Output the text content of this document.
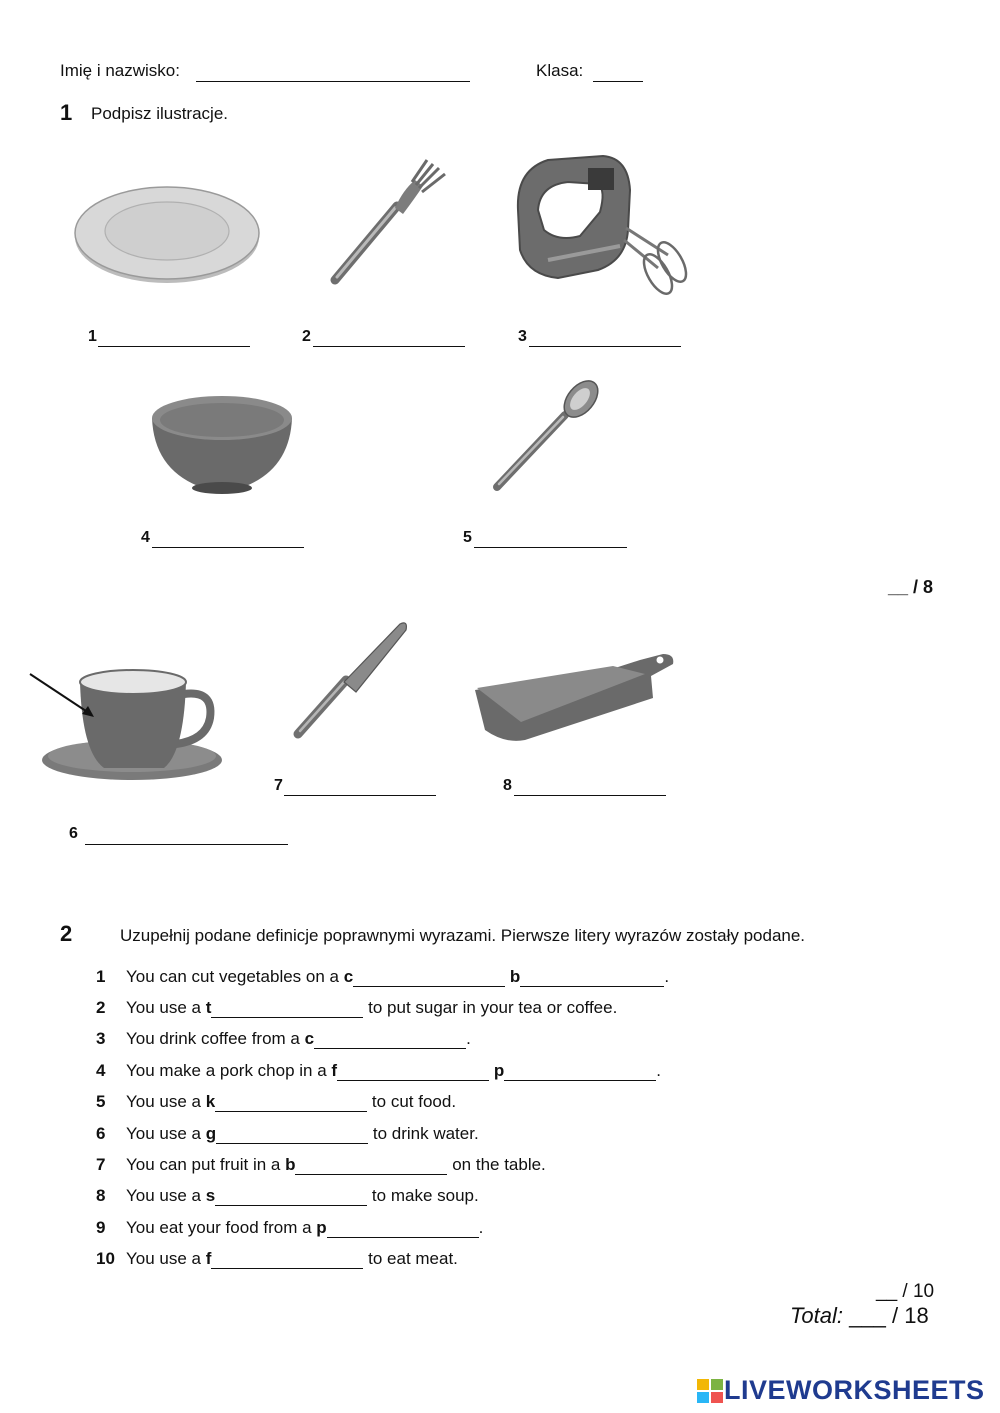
Imię i nazwisko:	Klasa:
1 Podpisz ilustracje.
1	2	3
4	5
__ / 8
7	8
6
2	Uzupełnij podane definicje poprawnymi wyrazami. Pierwsze litery wyrazów zostały podane.
1 You can cut vegetables on a c	b	.
2 You use a t	to put sugar in your tea or coffee.
3 You drink coffee from a c	.
4 You make a pork chop in a f	p	.
5 You use a k	to cut food.
6 You use a g	to drink water.
7 You can put fruit in a b	on the table.
8 You use a s	to make soup.
9 You eat your food from a p	.
10 You use a f	to eat meat.
__ / 10
Total: ___ / 18
LIVEWORKSHEETS
